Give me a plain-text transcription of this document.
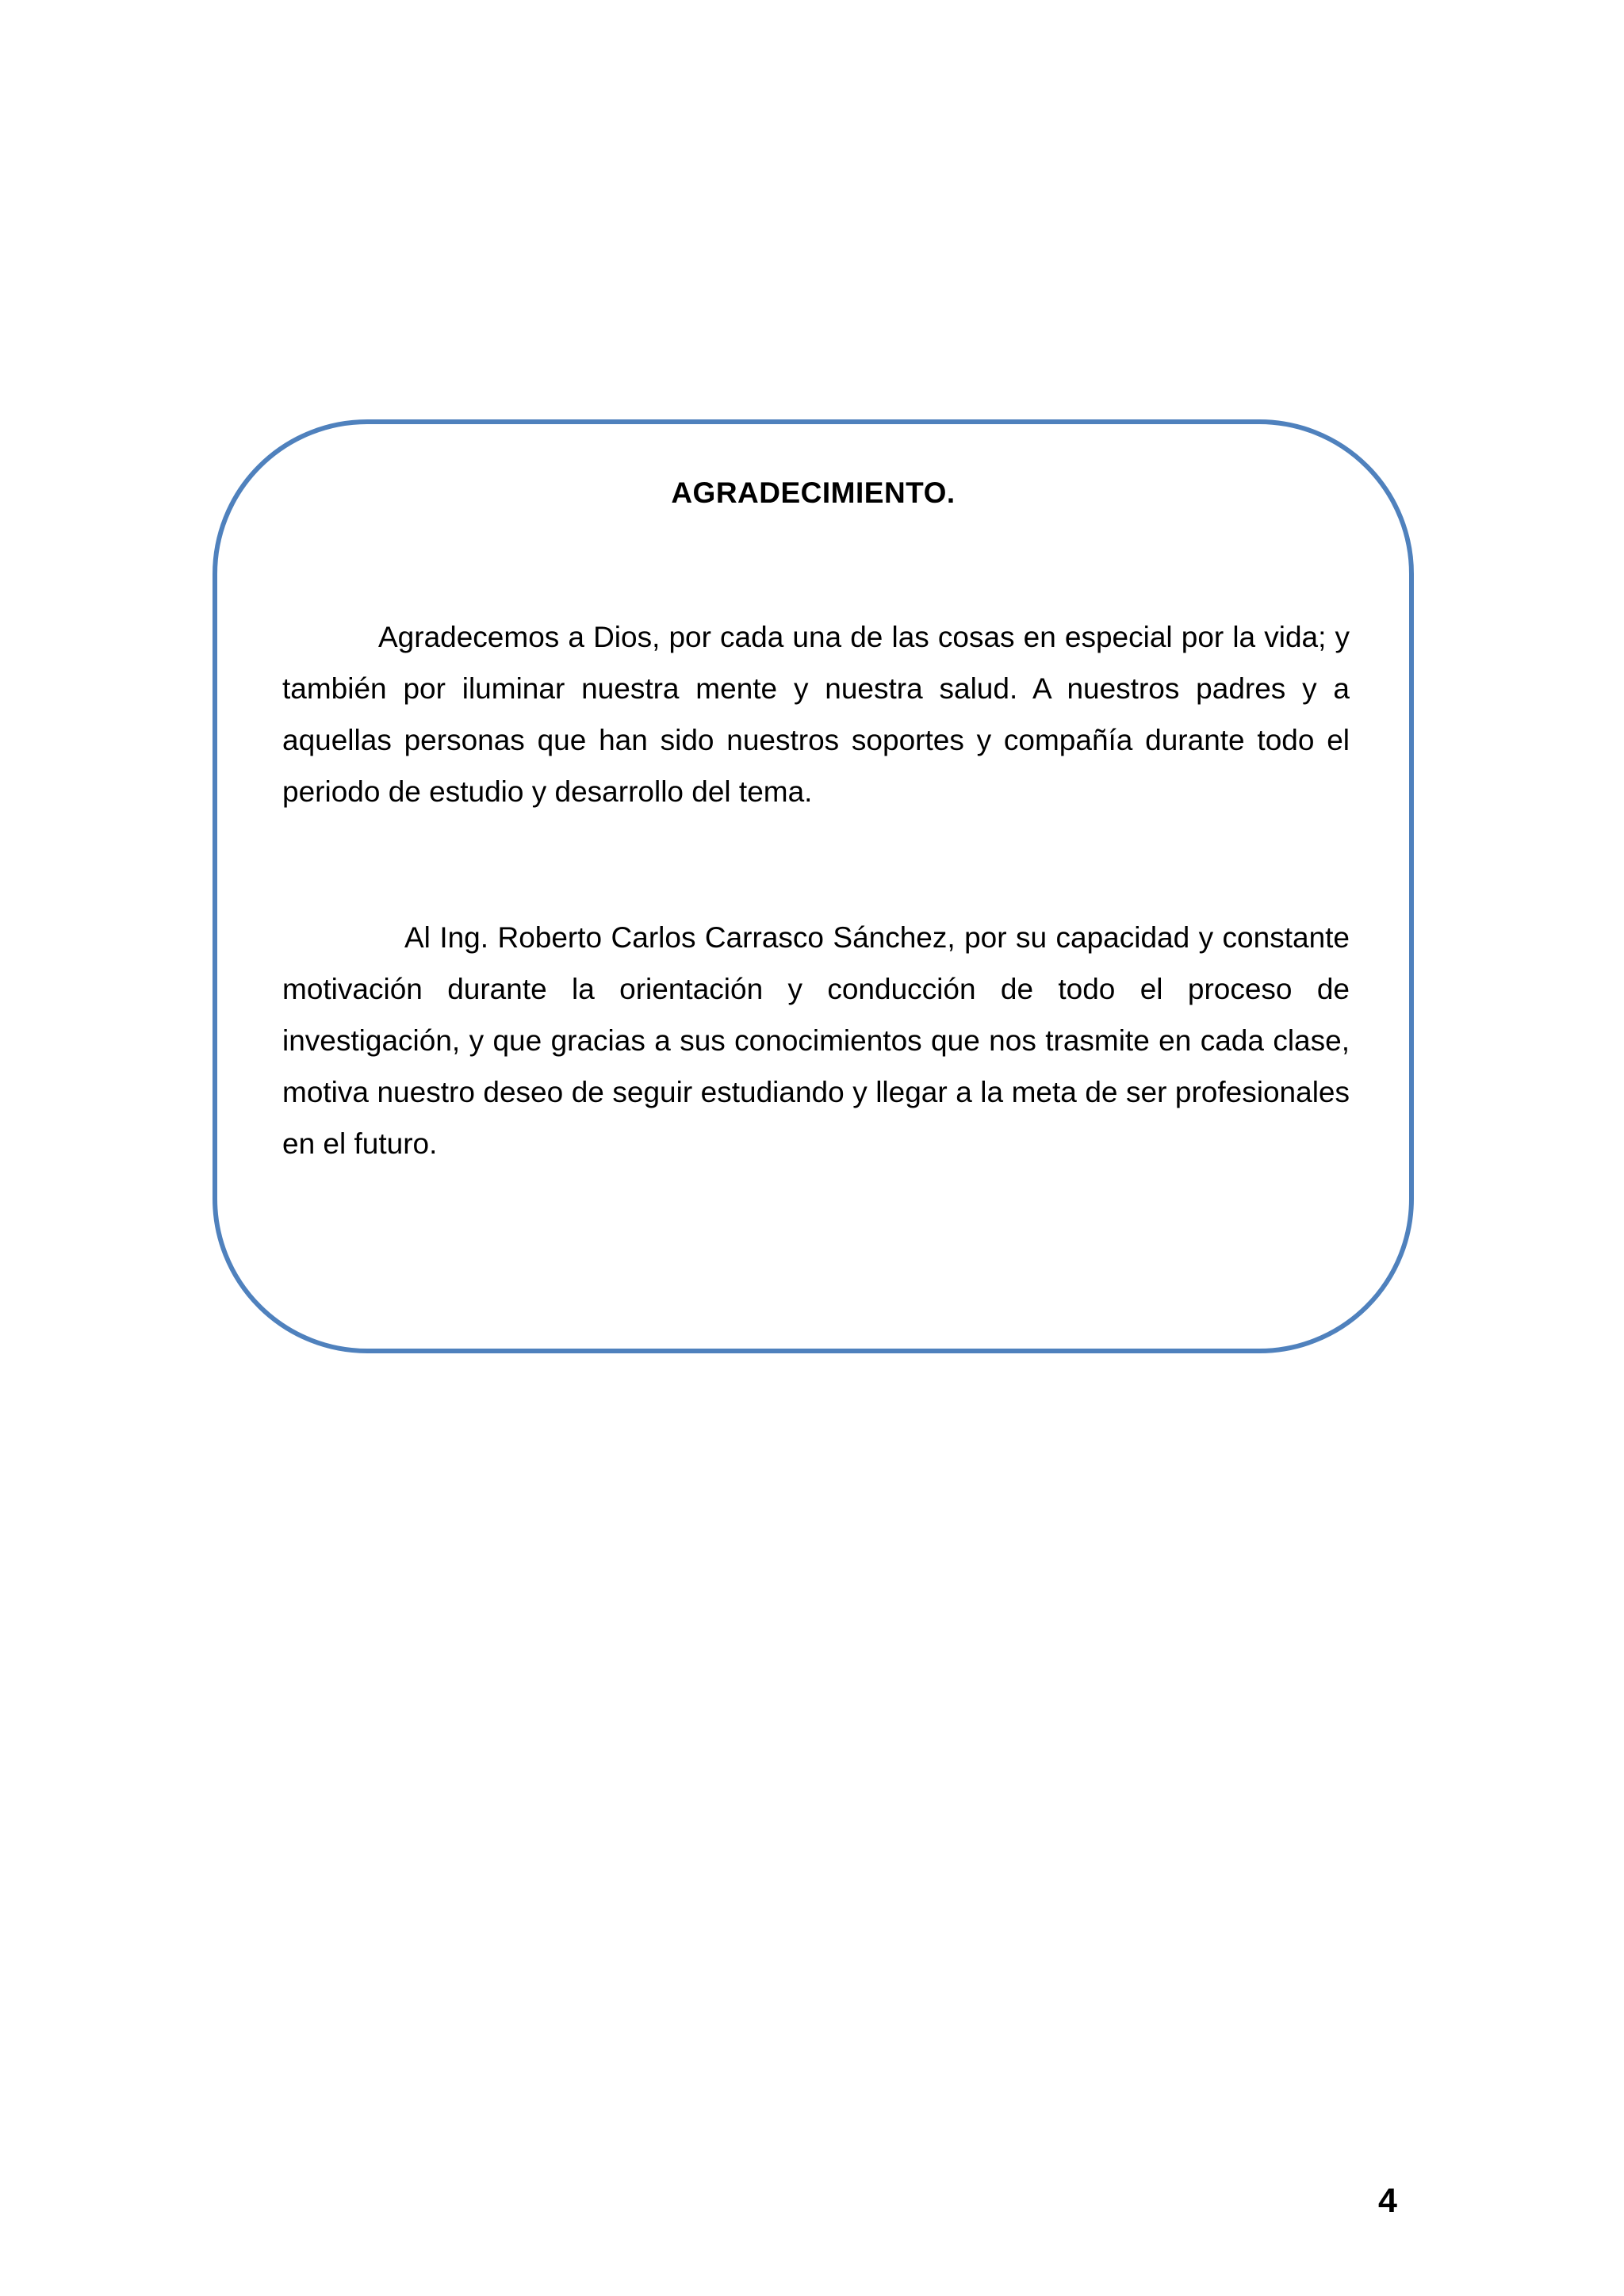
AGRADECIMIENTO.
Agradecemos a Dios, por cada una de las cosas en especial por la vida; y también por iluminar nuestra mente y nuestra salud. A nuestros padres y a aquellas personas que han sido nuestros soportes y compañía durante todo el periodo de estudio y desarrollo del tema.
Al Ing. Roberto Carlos Carrasco Sánchez, por su capacidad y constante motivación durante la orientación y conducción de todo el proceso de investigación, y que gracias a sus conocimientos que nos trasmite en cada clase, motiva nuestro deseo de seguir estudiando y llegar a la meta de ser profesionales en el futuro.
4
